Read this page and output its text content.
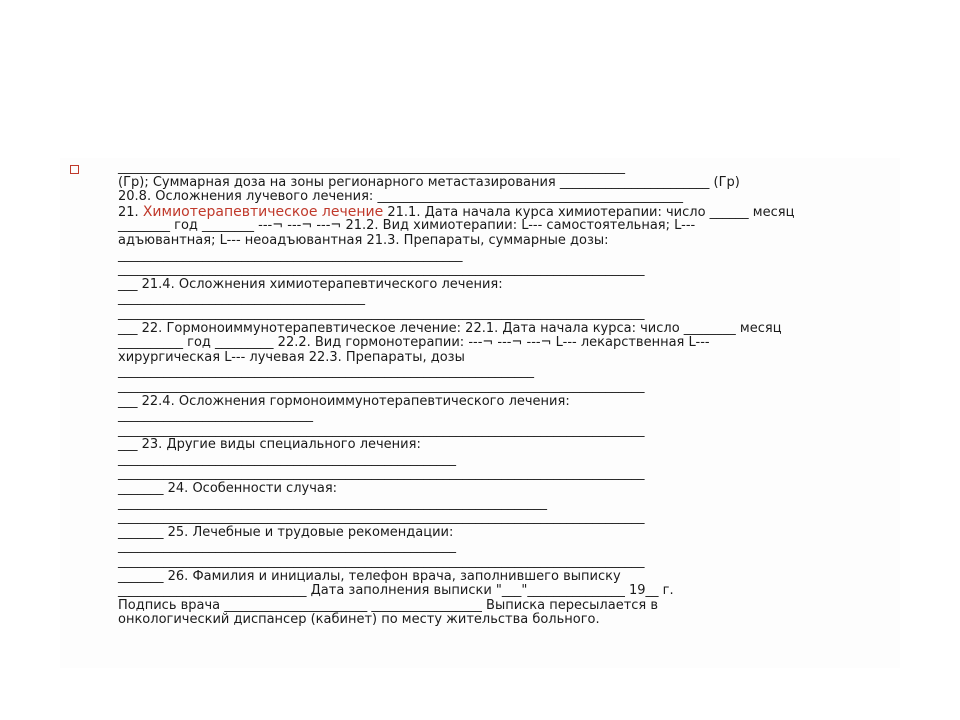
______________________________________________________________________________
(Гр); Суммарная доза на зоны регионарного метастазирования _______________________ (Гр)
20.8. Осложнения лучевого лечения: _______________________________________________
21. Химиотерапевтическое лечение 21.1. Дата начала курса химиотерапии: число ______ месяц
________ год ________ ---¬ ---¬ ---¬ 21.2. Вид химиотерапии: L--- самостоятельная; L---
адъювантная; L--- неоадъювантная 21.3. Препараты, суммарные дозы:
_____________________________________________________
_________________________________________________________________________________
___ 21.4. Осложнения химиотерапевтического лечения:
______________________________________
_________________________________________________________________________________
___ 22. Гормоноиммунотерапевтическое лечение: 22.1. Дата начала курса: число ________ месяц
__________ год _________ 22.2. Вид гормонотерапии: ---¬ ---¬ ---¬ L--- лекарственная L---
хирургическая L--- лучевая 22.3. Препараты, дозы
________________________________________________________________
_________________________________________________________________________________
___ 22.4. Осложнения гормоноиммунотерапевтического лечения:
______________________________
_________________________________________________________________________________
___ 23. Другие виды специального лечения:
____________________________________________________
_________________________________________________________________________________
_______ 24. Особенности случая:
__________________________________________________________________
_________________________________________________________________________________
_______ 25. Лечебные и трудовые рекомендации:
____________________________________________________
_________________________________________________________________________________
_______ 26. Фамилия и инициалы, телефон врача, заполнившего выписку
_____________________________ Дата заполнения выписки "___"_______________ 19__ г.
Подпись врача ______________________ _________________ Выписка пересылается в
онкологический диспансер (кабинет) по месту жительства больного.
